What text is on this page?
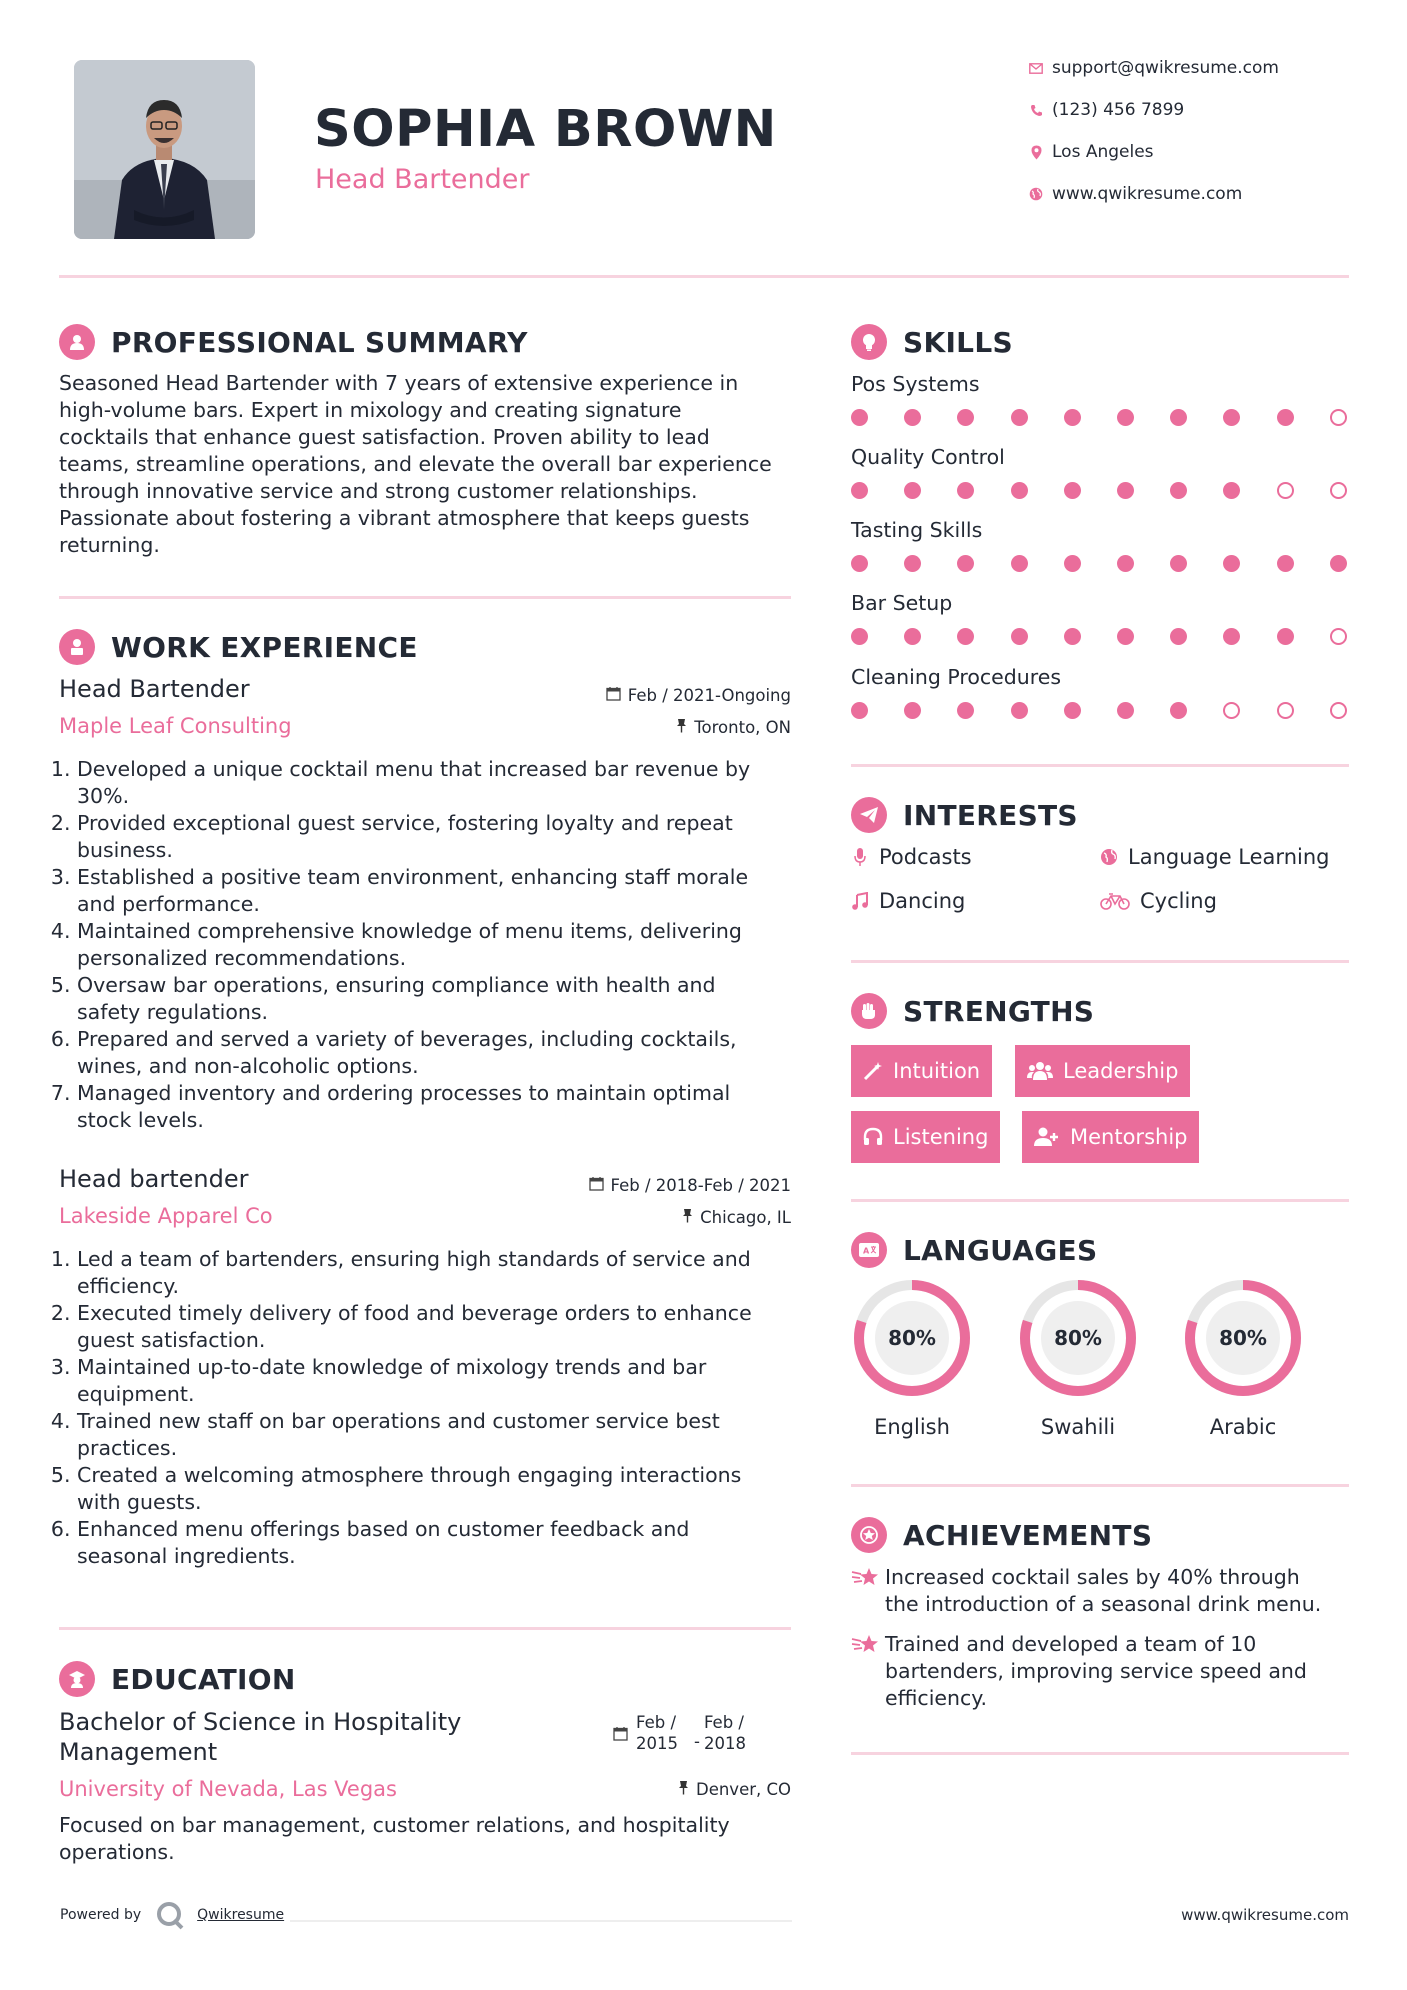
SOPHIA BROWN
Head Bartender
support@qwikresume.com
(123) 456 7899
Los Angeles
www.qwikresume.com
PROFESSIONAL SUMMARY
Seasoned Head Bartender with 7 years of extensive experience in
high-volume bars. Expert in mixology and creating signature
cocktails that enhance guest satisfaction. Proven ability to lead
teams, streamline operations, and elevate the overall bar experience
through innovative service and strong customer relationships.
Passionate about fostering a vibrant atmosphere that keeps guests
returning.
WORK EXPERIENCE
Head Bartender
Maple Leaf Consulting
Feb / 2021-Ongoing
Toronto, ON
1. Developed a unique cocktail menu that increased bar revenue by
30%.
2. Provided exceptional guest service, fostering loyalty and repeat
business.
3. Established a positive team environment, enhancing staff morale
and performance.
4. Maintained comprehensive knowledge of menu items, delivering
personalized recommendations.
5. Oversaw bar operations, ensuring compliance with health and
safety regulations.
6. Prepared and served a variety of beverages, including cocktails,
wines, and non-alcoholic options.
7. Managed inventory and ordering processes to maintain optimal
stock levels.
Head bartender
Lakeside Apparel Co
Feb / 2018-Feb / 2021
Chicago, IL
1. Led a team of bartenders, ensuring high standards of service and
efficiency.
2. Executed timely delivery of food and beverage orders to enhance
guest satisfaction.
3. Maintained up-to-date knowledge of mixology trends and bar
equipment.
4. Trained new staff on bar operations and customer service best
practices.
5. Created a welcoming atmosphere through engaging interactions
with guests.
6. Enhanced menu offerings based on customer feedback and
seasonal ingredients.
EDUCATION
Bachelor of Science in Hospitality
Management
Feb /
2015 -
Feb /
2018
University of Nevada, Las Vegas	Denver, CO
Focused on bar management, customer relations, and hospitality
operations.
SKILLS
Pos Systems
Quality Control
Tasting Skills
Bar Setup
Cleaning Procedures
INTERESTS
Podcasts	Language Learning
Dancing	Cycling
STRENGTHS
Intuition	Leadership
Listening	Mentorship
A LANGUAGES
80%
English
80%
Swahili
80%
Arabic
ACHIEVEMENTS
Increased cocktail sales by 40% through
the introduction of a seasonal drink menu.
Trained and developed a team of 10
bartenders, improving service speed and
efficiency.
Powered by	Qwikresume	www.qwikresume.com
